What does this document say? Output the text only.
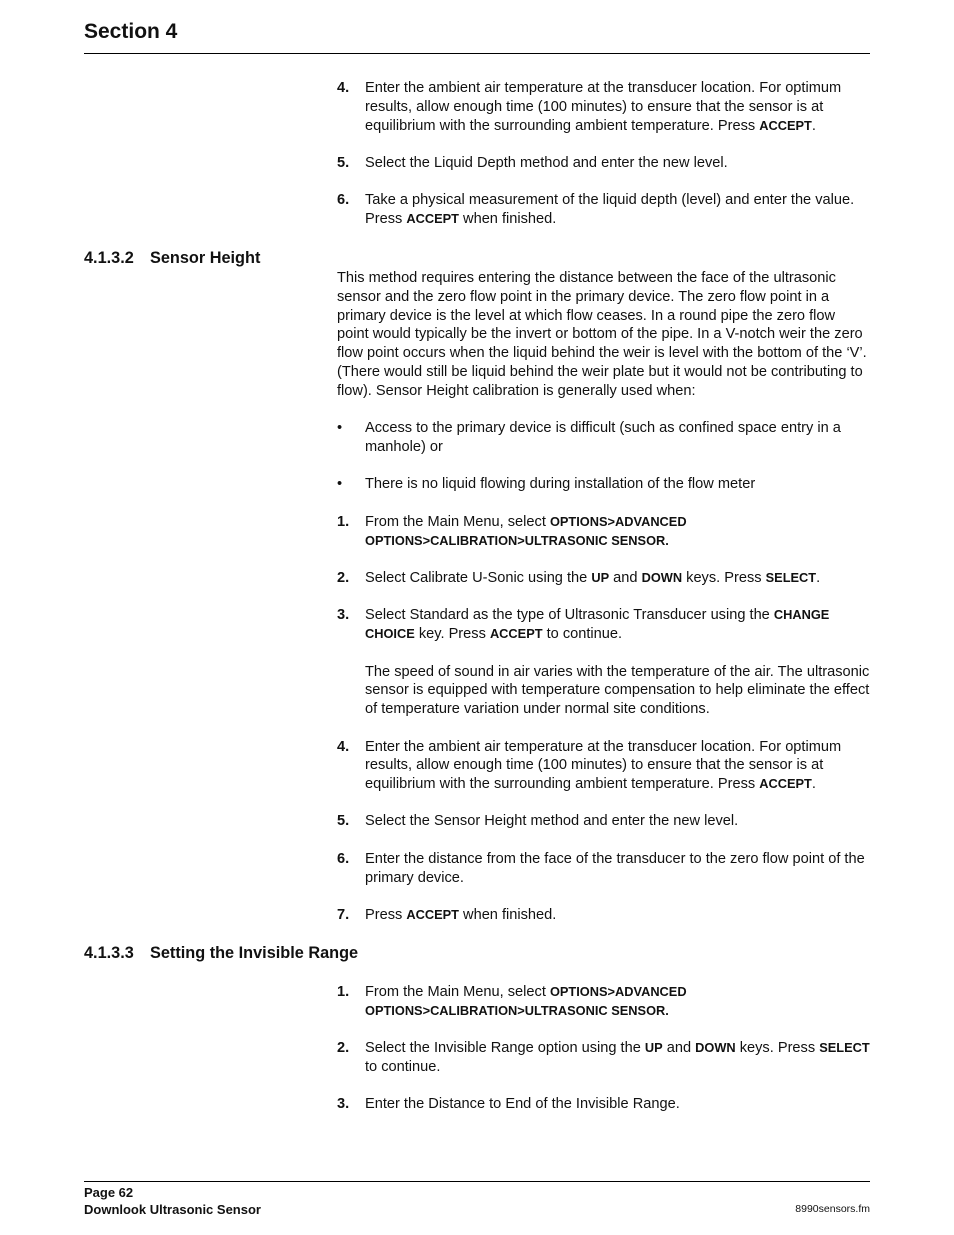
Section 4
4.	Enter the ambient air temperature at the transducer location. For optimum results, allow enough time (100 minutes) to ensure that the sensor is at equilibrium with the surrounding ambient temperature. Press ACCEPT.
5.	Select the Liquid Depth method and enter the new level.
6.	Take a physical measurement of the liquid depth (level) and enter the value. Press ACCEPT when finished.
4.1.3.2 Sensor Height

This method requires entering the distance between the face of the ultrasonic sensor and the zero flow point in the primary device. The zero flow point in a primary device is the level at which flow ceases. In a round pipe the zero flow point would typically be the invert or bottom of the pipe. In a V-notch weir the zero flow point occurs when the liquid behind the weir is level with the bottom of the ‘V’. (There would still be liquid behind the weir plate but it would not be contributing to flow). Sensor Height calibration is generally used when:

•	Access to the primary device is difficult (such as confined space entry in a manhole) or
•	There is no liquid flowing during installation of the flow meter
1.	From the Main Menu, select OPTIONS>ADVANCED OPTIONS>CALIBRATION>ULTRASONIC SENSOR.
2.	Select Calibrate U-Sonic using the UP and DOWN keys. Press SELECT.
3.	Select Standard as the type of Ultrasonic Transducer using the CHANGE CHOICE key. Press ACCEPT to continue.
The speed of sound in air varies with the temperature of the air. The ultrasonic sensor is equipped with temperature compensation to help eliminate the effect of temperature variation under normal site conditions.
4.	Enter the ambient air temperature at the transducer location. For optimum results, allow enough time (100 minutes) to ensure that the sensor is at equilibrium with the surrounding ambient temperature. Press ACCEPT.
5.	Select the Sensor Height method and enter the new level.
6.	Enter the distance from the face of the transducer to the zero flow point of the primary device.
7.	Press ACCEPT when finished.
4.1.3.3 Setting the Invisible Range
1.	From the Main Menu, select OPTIONS>ADVANCED OPTIONS>CALIBRATION>ULTRASONIC SENSOR.
2.	Select the Invisible Range option using the UP and DOWN keys. Press SELECT to continue.
3.	Enter the Distance to End of the Invisible Range.
Page 62
Downlook Ultrasonic Sensor	8990sensors.fm
